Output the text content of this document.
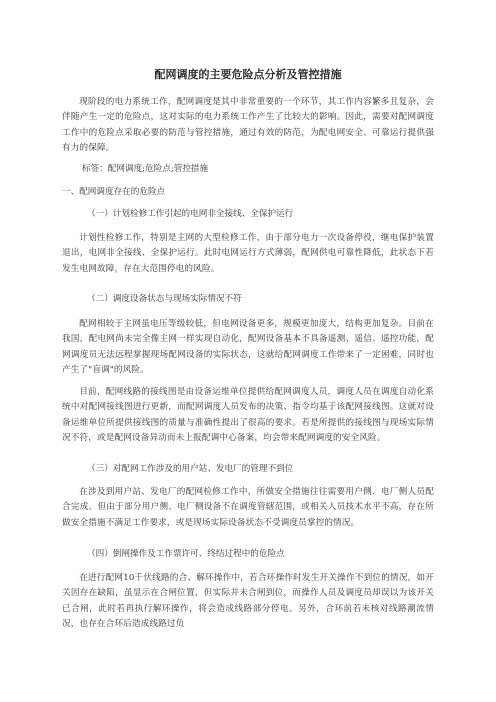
配网调度的主要危险点分析及管控措施

现阶段的电力系统工作，配网调度是其中非常重要的一个环节，其工作内容繁多且复杂，会伴随产生一定的危险点，这对实际的电力系统工作产生了比较大的影响。因此，需要对配网调度工作中的危险点采取必要的防范与管控措施，通过有效的防范，为配电网安全、可靠运行提供强有力的保障。

标签：配网调度;危险点;管控措施

一、配网调度存在的危险点

（一）计划检修工作引起的电网非全接线、全保护运行

计划性检修工作，特别是主网的大型检修工作，由于部分电力一次设备停役，继电保护装置退出，电网非全接线、全保护运行。此时电网运行方式薄弱，配网供电可靠性降低，此状态下若发生电网故障，存在大范围停电的风险。

（二）调度设备状态与现场实际情况不符

配网相较于主网虽电压等级较低，但电网设备更多，规模更加庞大，结构更加复杂。目前在我国，配电网尚未完全像主网一样实现自动化，配网设备基本不具备遥测、遥信、遥控功能，配网调度员无法远程掌握现场配网设备的实际状态，这就给配网调度工作带来了一定困难，同时也产生了"盲调"的风险。

目前，配网线路的接线图是由设备运维单位提供给配网调度人员，调度人员在调度自动化系统中对配网接线图进行更新，而配网调度人员发布的决策、指令均基于该配网接线图。这就对设备运维单位所提供接线图的质量与准确性提出了很高的要求。若是所提供的接线图与现场实际情况不符，或是配网设备异动而未上报配调中心备案，均会带来配网调度的安全风险。

（三）对配网工作涉及的用户站、发电厂的管理不到位

在涉及到用户站、发电厂的配网检修工作中，所做安全措施往往需要用户侧、电厂侧人员配合完成。但由于部分用户侧、电厂侧设备不在调度管辖范围，或相关人员技术水平不高，存在所做安全措施不满足工作要求，或是现场实际设备状态不受调度员掌控的情况。

（四）倒闸操作及工作票许可、终结过程中的危险点

在进行配网10千伏线路的合、解环操作中，若合环操作时发生开关操作不到位的情况，如开关因存在缺陷，虽显示在合闸位置，但实际并未合闸到位，而操作人员及调度员却误以为该开关已合闸，此时若再执行解环操作，将会造成线路部分停电。另外，合环前若未核对线路潮流情况，也存在合环后造成线路过负
